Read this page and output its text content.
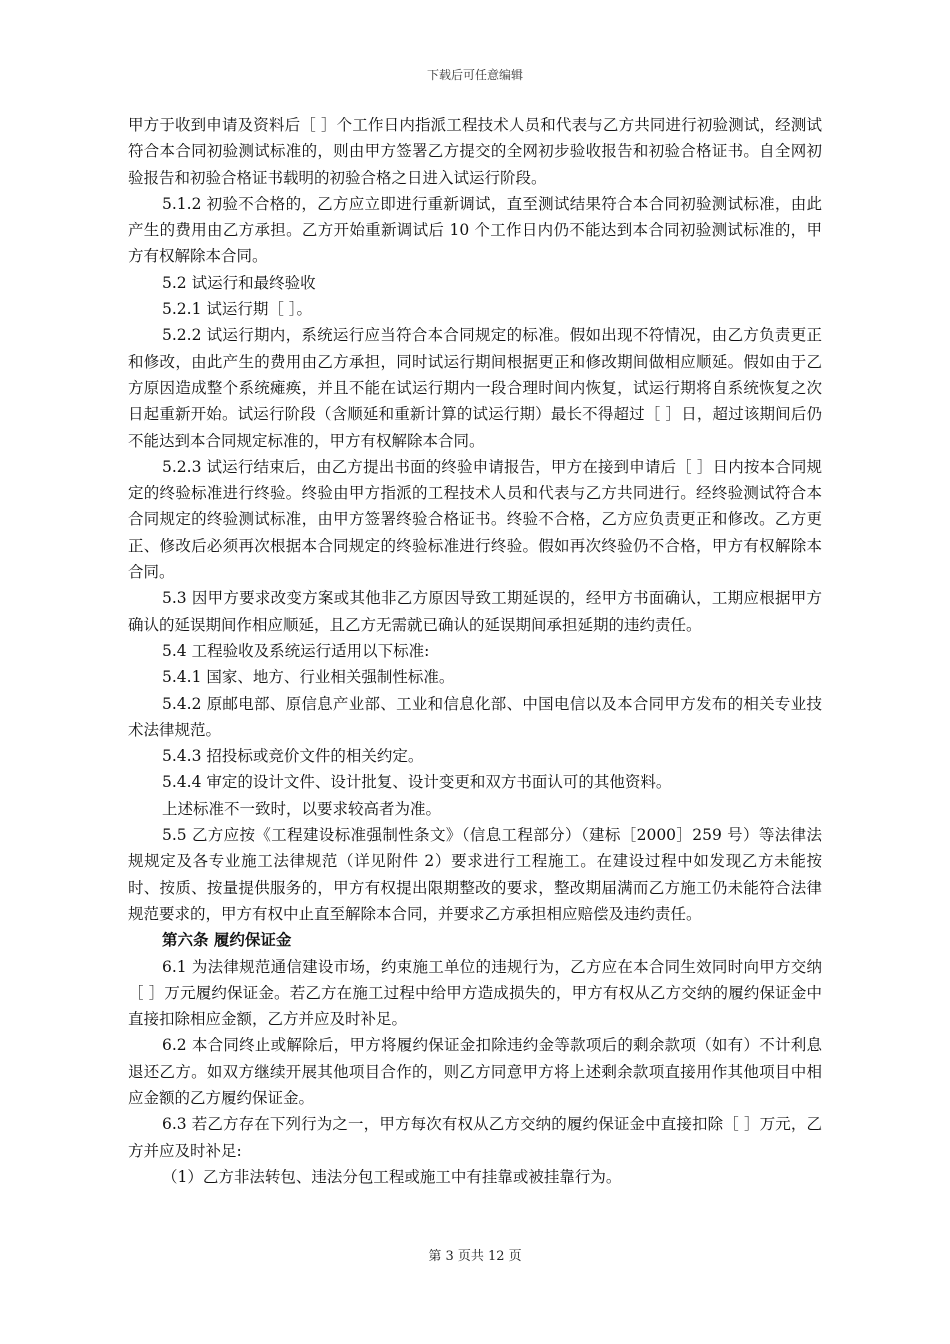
下载后可任意编辑

甲方于收到申请及资料后［ ］个工作日内指派工程技术人员和代表与乙方共同进行初验测试，经测试符合本合同初验测试标准的，则由甲方签署乙方提交的全网初步验收报告和初验合格证书。自全网初验报告和初验合格证书载明的初验合格之日进入试运行阶段。

5.1.2 初验不合格的，乙方应立即进行重新调试，直至测试结果符合本合同初验测试标准，由此产生的费用由乙方承担。乙方开始重新调试后 10 个工作日内仍不能达到本合同初验测试标准的，甲方有权解除本合同。

5.2 试运行和最终验收

5.2.1 试运行期［ ］。

5.2.2 试运行期内，系统运行应当符合本合同规定的标准。假如出现不符情况，由乙方负责更正和修改，由此产生的费用由乙方承担，同时试运行期间根据更正和修改期间做相应顺延。假如由于乙方原因造成整个系统瘫痪，并且不能在试运行期内一段合理时间内恢复，试运行期将自系统恢复之次日起重新开始。试运行阶段（含顺延和重新计算的试运行期）最长不得超过［ ］日，超过该期间后仍不能达到本合同规定标准的，甲方有权解除本合同。

5.2.3 试运行结束后，由乙方提出书面的终验申请报告，甲方在接到申请后［ ］日内按本合同规定的终验标准进行终验。终验由甲方指派的工程技术人员和代表与乙方共同进行。经终验测试符合本合同规定的终验测试标准，由甲方签署终验合格证书。终验不合格，乙方应负责更正和修改。乙方更正、修改后必须再次根据本合同规定的终验标准进行终验。假如再次终验仍不合格，甲方有权解除本合同。

5.3 因甲方要求改变方案或其他非乙方原因导致工期延误的，经甲方书面确认，工期应根据甲方确认的延误期间作相应顺延，且乙方无需就已确认的延误期间承担延期的违约责任。

5.4 工程验收及系统运行适用以下标准:

5.4.1 国家、地方、行业相关强制性标准。

5.4.2 原邮电部、原信息产业部、工业和信息化部、中国电信以及本合同甲方发布的相关专业技术法律规范。

5.4.3 招投标或竞价文件的相关约定。

5.4.4 审定的设计文件、设计批复、设计变更和双方书面认可的其他资料。

上述标准不一致时，以要求较高者为准。

5.5 乙方应按《工程建设标准强制性条文》（信息工程部分）（建标［2000］259 号）等法律法规规定及各专业施工法律规范（详见附件 2）要求进行工程施工。在建设过程中如发现乙方未能按时、按质、按量提供服务的，甲方有权提出限期整改的要求，整改期届满而乙方施工仍未能符合法律规范要求的，甲方有权中止直至解除本合同，并要求乙方承担相应赔偿及违约责任。

第六条 履约保证金

6.1 为法律规范通信建设市场，约束施工单位的违规行为，乙方应在本合同生效同时向甲方交纳［ ］万元履约保证金。若乙方在施工过程中给甲方造成损失的，甲方有权从乙方交纳的履约保证金中直接扣除相应金额，乙方并应及时补足。

6.2 本合同终止或解除后，甲方将履约保证金扣除违约金等款项后的剩余款项（如有）不计利息退还乙方。如双方继续开展其他项目合作的，则乙方同意甲方将上述剩余款项直接用作其他项目中相应金额的乙方履约保证金。

6.3 若乙方存在下列行为之一，甲方每次有权从乙方交纳的履约保证金中直接扣除［ ］万元，乙方并应及时补足:

（1）乙方非法转包、违法分包工程或施工中有挂靠或被挂靠行为。

第 3 页共 12 页
